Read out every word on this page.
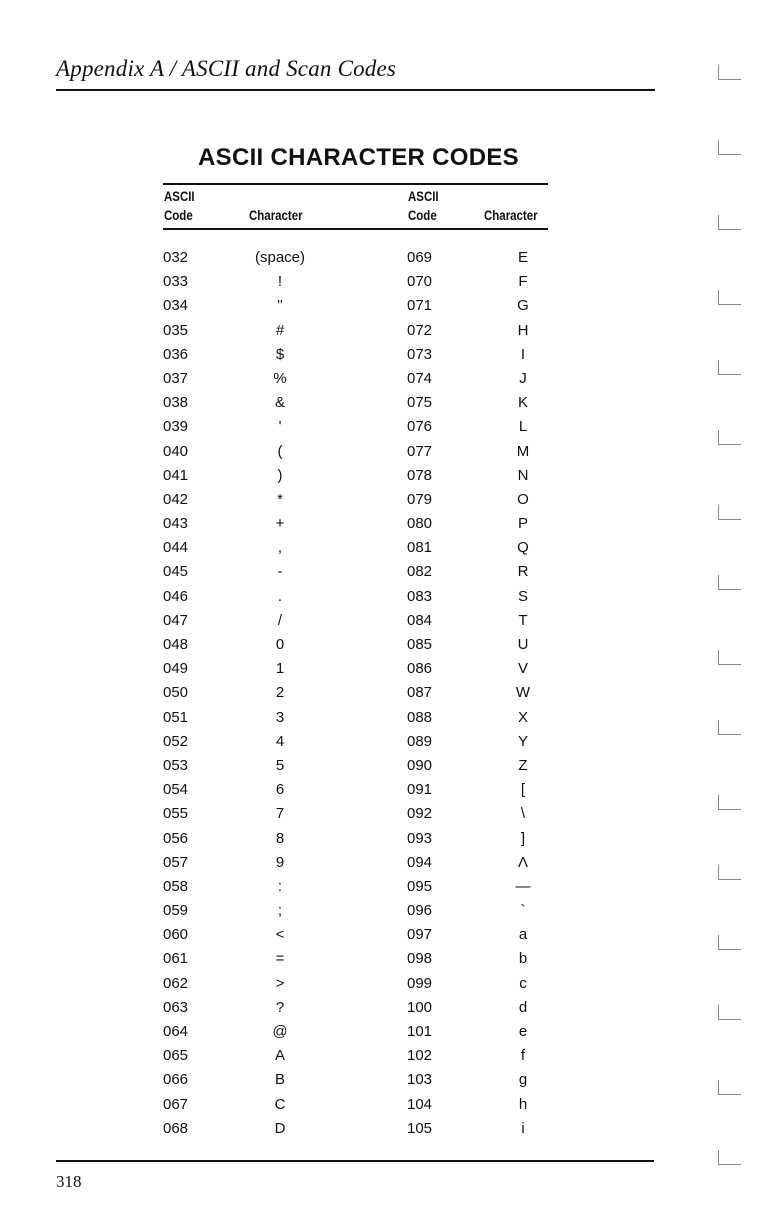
Appendix A / ASCII and Scan Codes
ASCII CHARACTER CODES
ASCII
Code	Character
ASCII
Code	Character
032	(space)	069	E
033	!	070	F
034	''	071	G
035	#	072	H
036	$	073	I
037	%	074	J
038	&	075	K
039	'	076	L
040	(	077	M
041	)	078	N
042	*	079	O
043	+	080	P
044	,	081	Q
045	-	082	R
046	.	083	S
047	/	084	T
048	0	085	U
049	1	086	V
050	2	087	W
051	3	088	X
052	4	089	Y
053	5	090	Z
054	6	091	[
055	7	092	\
056	8	093	]
057	9	094	Λ
058	:	095	—
059	;	096	`
060	<	097	a
061	=	098	b
062	>	099	c
063	?	100	d
064	@	101	e
065	A	102	f
066	B	103	g
067	C	104	h
068	D	105	i
318
